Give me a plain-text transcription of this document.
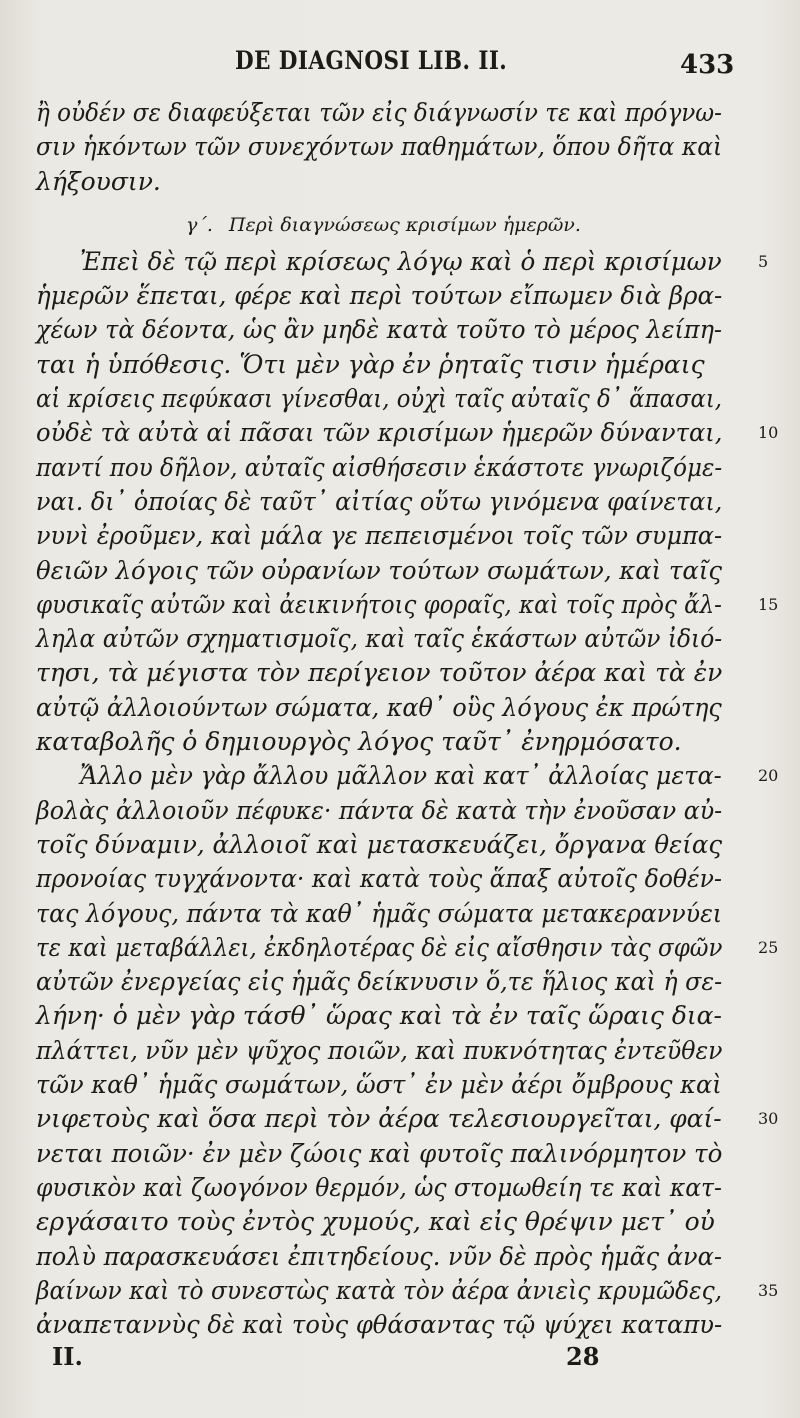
DE DIAGNOSI LIB. II.	433
ἢ οὐδέν σε διαφεύξεται τῶν εἰς διάγνωσίν τε καὶ πρόγνω-
σιν ἡκόντων τῶν συνεχόντων παθημάτων, ὅπου δῆτα καὶ
λήξουσιν.
γ΄. Περὶ διαγνώσεως κρισίμων ἡμερῶν.
Ἐπεὶ δὲ τῷ περὶ κρίσεως λόγῳ καὶ ὁ περὶ κρισίμων 5
ἡμερῶν ἕπεται, φέρε καὶ περὶ τούτων εἴπωμεν διὰ βρα-
χέων τὰ δέοντα, ὡς ἂν μηδὲ κατὰ τοῦτο τὸ μέρος λείπη-
ται ἡ ὑπόθεσις. Ὅτι μὲν γὰρ ἐν ῥηταῖς τισιν ἡμέραις
αἱ κρίσεις πεφύκασι γίνεσθαι, οὐχὶ ταῖς αὐταῖς δ᾽ ἅπασαι,
οὐδὲ τὰ αὐτὰ αἱ πᾶσαι τῶν κρισίμων ἡμερῶν δύνανται, 10
παντί που δῆλον, αὐταῖς αἰσθήσεσιν ἑκάστοτε γνωριζόμε-
ναι. δι᾽ ὁποίας δὲ ταῦτ᾽ αἰτίας οὕτω γινόμενα φαίνεται,
νυνὶ ἐροῦμεν, καὶ μάλα γε πεπεισμένοι τοῖς τῶν συμπα-
θειῶν λόγοις τῶν οὐρανίων τούτων σωμάτων, καὶ ταῖς
φυσικαῖς αὐτῶν καὶ ἀεικινήτοις φοραῖς, καὶ τοῖς πρὸς ἄλ- 15
ληλα αὐτῶν σχηματισμοῖς, καὶ ταῖς ἑκάστων αὐτῶν ἰδιό-
τησι, τὰ μέγιστα τὸν περίγειον τοῦτον ἀέρα καὶ τὰ ἐν
αὐτῷ ἀλλοιούντων σώματα, καθ᾽ οὓς λόγους ἐκ πρώτης
καταβολῆς ὁ δημιουργὸς λόγος ταῦτ᾽ ἐνηρμόσατο.
Ἄλλο μὲν γὰρ ἄλλου μᾶλλον καὶ κατ᾽ ἀλλοίας μετα- 20
βολὰς ἀλλοιοῦν πέφυκε· πάντα δὲ κατὰ τὴν ἐνοῦσαν αὐ-
τοῖς δύναμιν, ἀλλοιοῖ καὶ μετασκευάζει, ὄργανα θείας
προνοίας τυγχάνοντα· καὶ κατὰ τοὺς ἅπαξ αὐτοῖς δοθέν-
τας λόγους, πάντα τὰ καθ᾽ ἡμᾶς σώματα μετακεραννύει
τε καὶ μεταβάλλει, ἐκδηλοτέρας δὲ εἰς αἴσθησιν τὰς σφῶν 25
αὐτῶν ἐνεργείας εἰς ἡμᾶς δείκνυσιν ὅ,τε ἥλιος καὶ ἡ σε-
λήνη· ὁ μὲν γὰρ τάσθ᾽ ὥρας καὶ τὰ ἐν ταῖς ὥραις δια-
πλάττει, νῦν μὲν ψῦχος ποιῶν, καὶ πυκνότητας ἐντεῦθεν
τῶν καθ᾽ ἡμᾶς σωμάτων, ὥστ᾽ ἐν μὲν ἀέρι ὄμβρους καὶ
νιφετοὺς καὶ ὅσα περὶ τὸν ἀέρα τελεσιουργεῖται, φαί- 30
νεται ποιῶν· ἐν μὲν ζώοις καὶ φυτοῖς παλινόρμητον τὸ
φυσικὸν καὶ ζωογόνον θερμόν, ὡς στομωθείη τε καὶ κατ-
εργάσαιτο τοὺς ἐντὸς χυμούς, καὶ εἰς θρέψιν μετ᾽ οὐ
πολὺ παρασκευάσει ἐπιτηδείους. νῦν δὲ πρὸς ἡμᾶς ἀνα-
βαίνων καὶ τὸ συνεστὼς κατὰ τὸν ἀέρα ἀνιεὶς κρυμῶδες, 35
ἀναπεταννὺς δὲ καὶ τοὺς φθάσαντας τῷ ψύχει καταπυ-
II.	28
